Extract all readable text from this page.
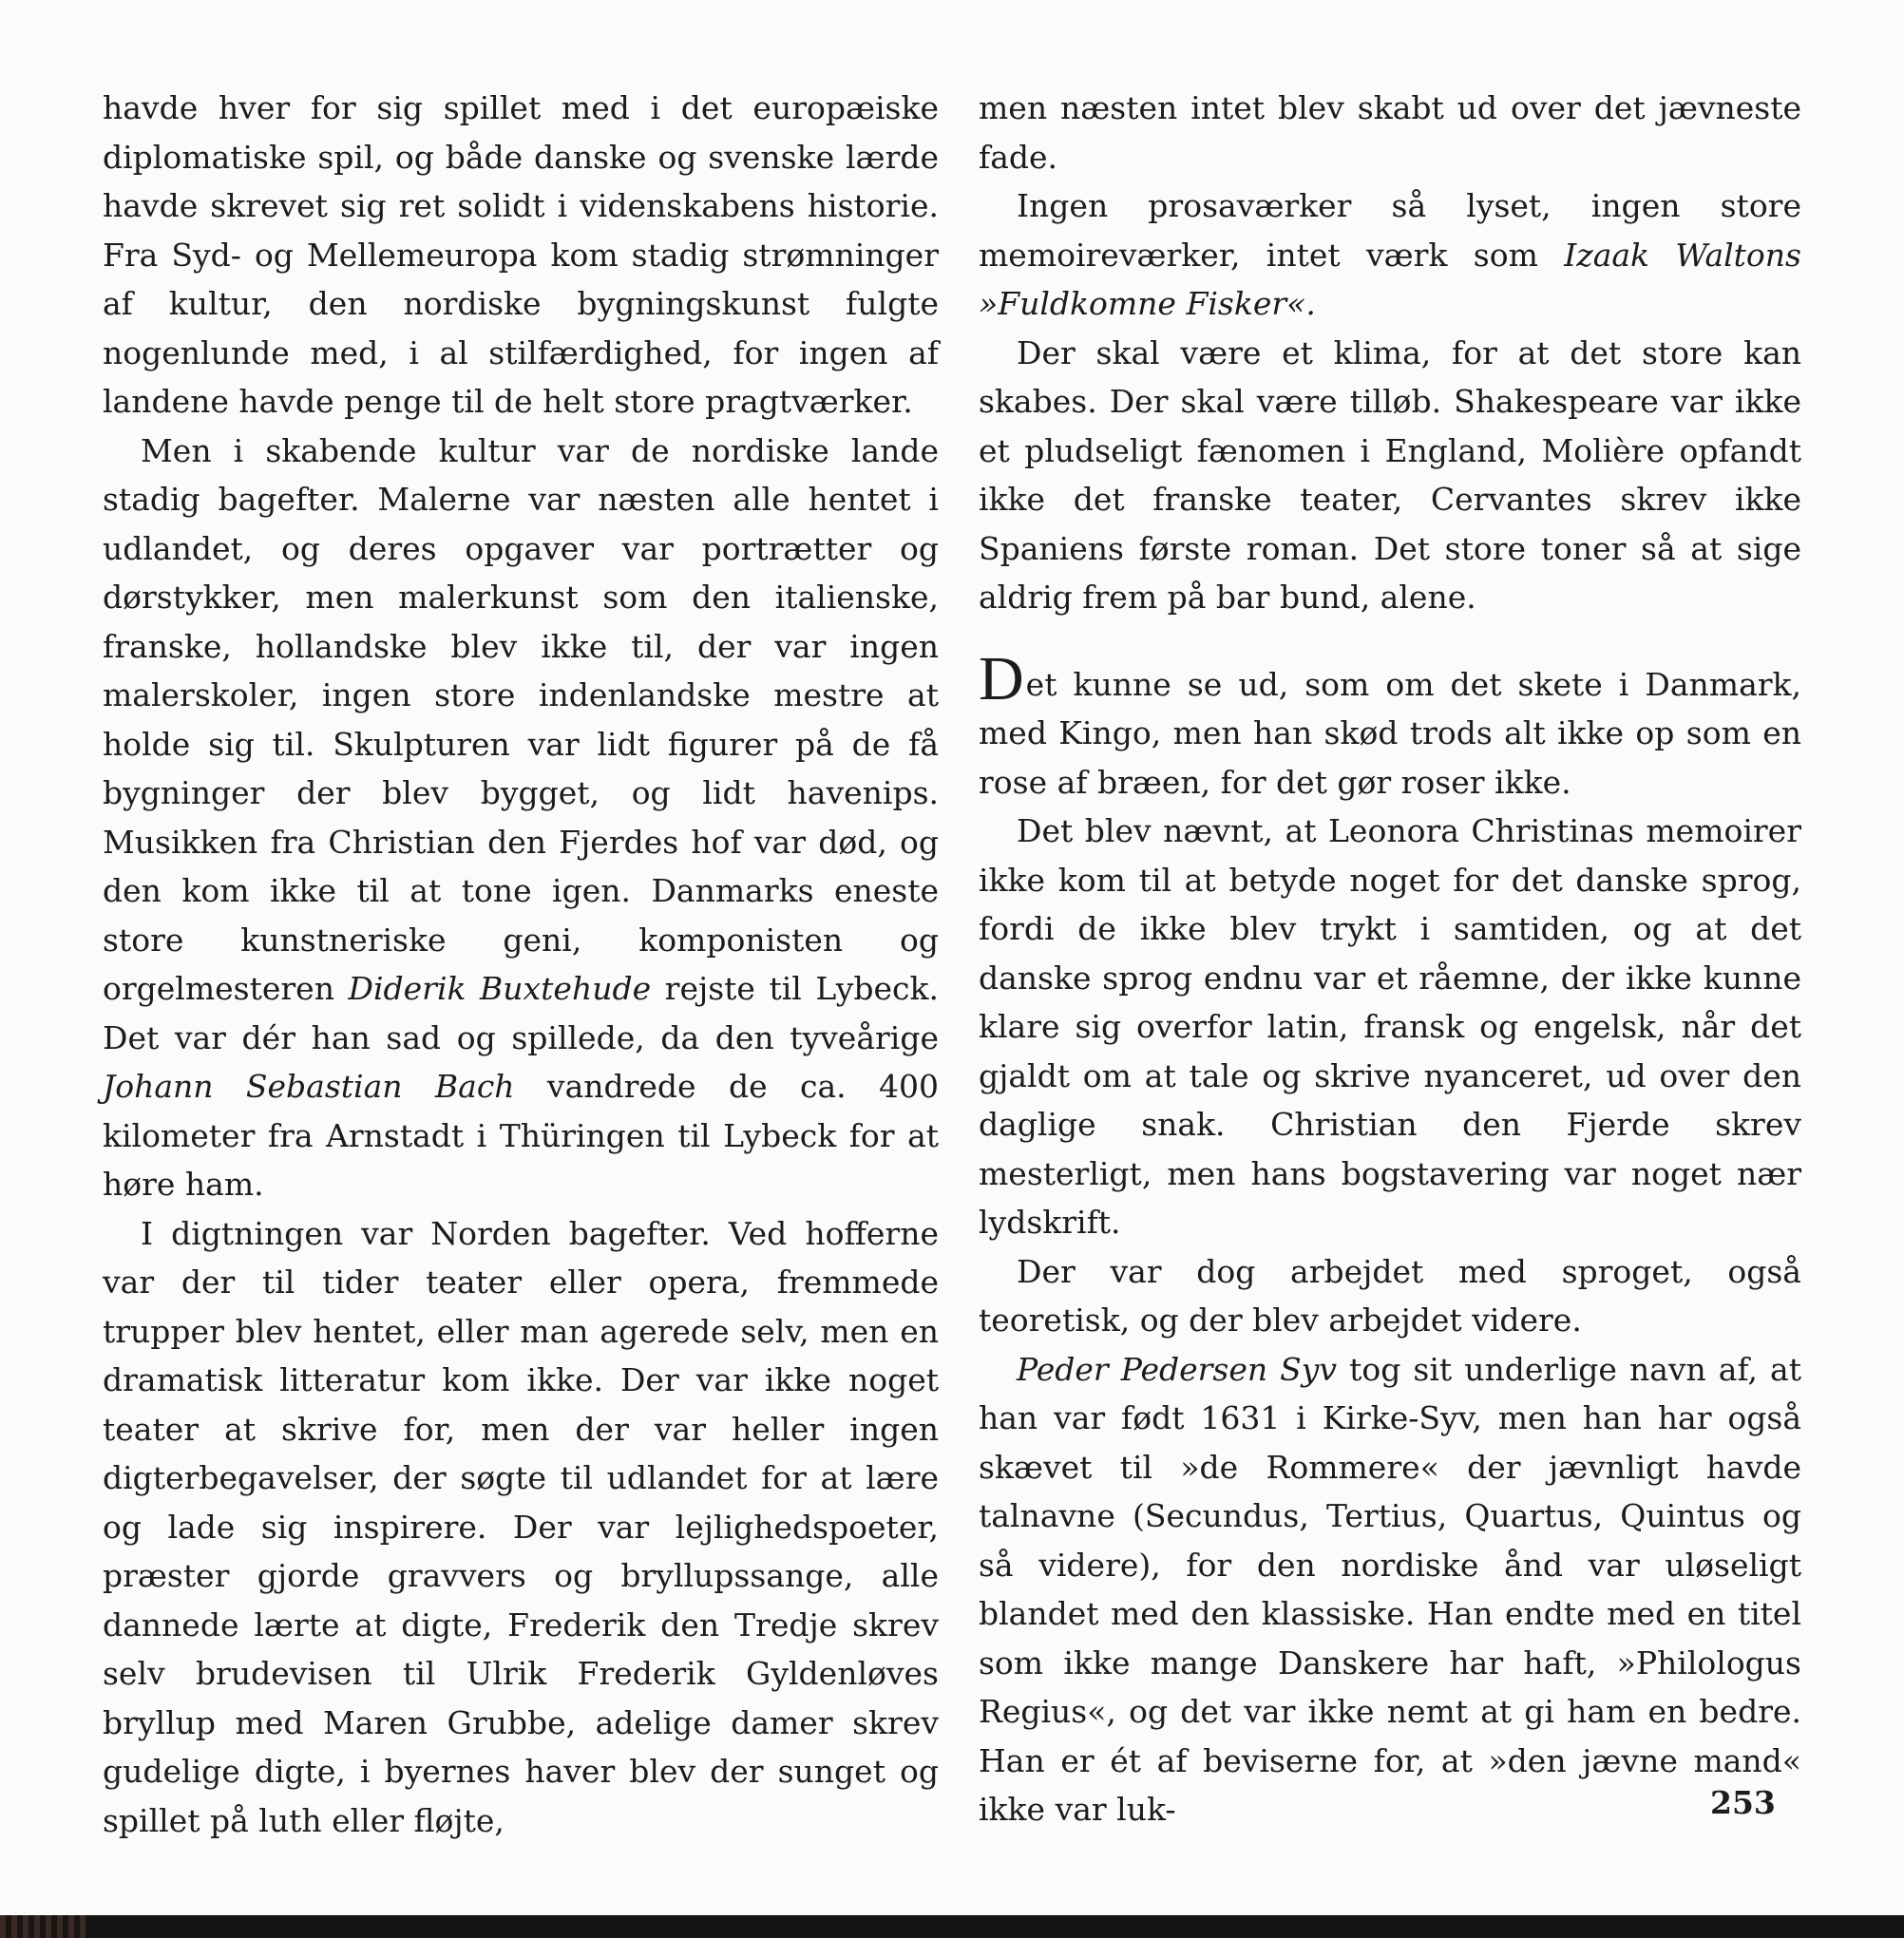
havde hver for sig spillet med i det europæiske diplomatiske spil, og både danske og svenske lærde havde skrevet sig ret solidt i videnskabens historie. Fra Syd- og Mellemeuropa kom stadig strømninger af kultur, den nordiske bygningskunst fulgte nogenlunde med, i al stilfærdighed, for ingen af landene havde penge til de helt store pragtværker.

Men i skabende kultur var de nordiske lande stadig bagefter. Malerne var næsten alle hentet i udlandet, og deres opgaver var portrætter og dørstykker, men malerkunst som den italienske, franske, hollandske blev ikke til, der var ingen malerskoler, ingen store indenlandske mestre at holde sig til. Skulpturen var lidt figurer på de få bygninger der blev bygget, og lidt havenips. Musikken fra Christian den Fjerdes hof var død, og den kom ikke til at tone igen. Danmarks eneste store kunstneriske geni, komponisten og orgelmesteren Diderik Buxtehude rejste til Lybeck. Det var dér han sad og spillede, da den tyveårige Johann Sebastian Bach vandrede de ca. 400 kilometer fra Arnstadt i Thüringen til Lybeck for at høre ham.

I digtningen var Norden bagefter. Ved hofferne var der til tider teater eller opera, fremmede trupper blev hentet, eller man agerede selv, men en dramatisk litteratur kom ikke. Der var ikke noget teater at skrive for, men der var heller ingen digterbegavelser, der søgte til udlandet for at lære og lade sig inspirere. Der var lejlighedspoeter, præster gjorde gravvers og bryllupssange, alle dannede lærte at digte, Frederik den Tredje skrev selv brudevisen til Ulrik Frederik Gyldenløves bryllup med Maren Grubbe, adelige damer skrev gudelige digte, i byernes haver blev der sunget og spillet på luth eller fløjte,

men næsten intet blev skabt ud over det jævneste fade.

Ingen prosaværker så lyset, ingen store memoireværker, intet værk som Izaak Waltons »Fuldkomne Fisker«.

Der skal være et klima, for at det store kan skabes. Der skal være tilløb. Shakespeare var ikke et pludseligt fænomen i England, Molière opfandt ikke det franske teater, Cervantes skrev ikke Spaniens første roman. Det store toner så at sige aldrig frem på bar bund, alene.

Det kunne se ud, som om det skete i Danmark, med Kingo, men han skød trods alt ikke op som en rose af bræen, for det gør roser ikke.

Det blev nævnt, at Leonora Christinas memoirer ikke kom til at betyde noget for det danske sprog, fordi de ikke blev trykt i samtiden, og at det danske sprog endnu var et råemne, der ikke kunne klare sig overfor latin, fransk og engelsk, når det gjaldt om at tale og skrive nyanceret, ud over den daglige snak. Christian den Fjerde skrev mesterligt, men hans bogstavering var noget nær lydskrift.

Der var dog arbejdet med sproget, også teoretisk, og der blev arbejdet videre.

Peder Pedersen Syv tog sit underlige navn af, at han var født 1631 i Kirke-Syv, men han har også skævet til »de Rommere« der jævnligt havde talnavne (Secundus, Tertius, Quartus, Quintus og så videre), for den nordiske ånd var uløseligt blandet med den klassiske. Han endte med en titel som ikke mange Danskere har haft, »Philologus Regius«, og det var ikke nemt at gi ham en bedre. Han er ét af beviserne for, at »den jævne mand« ikke var luk-	253
